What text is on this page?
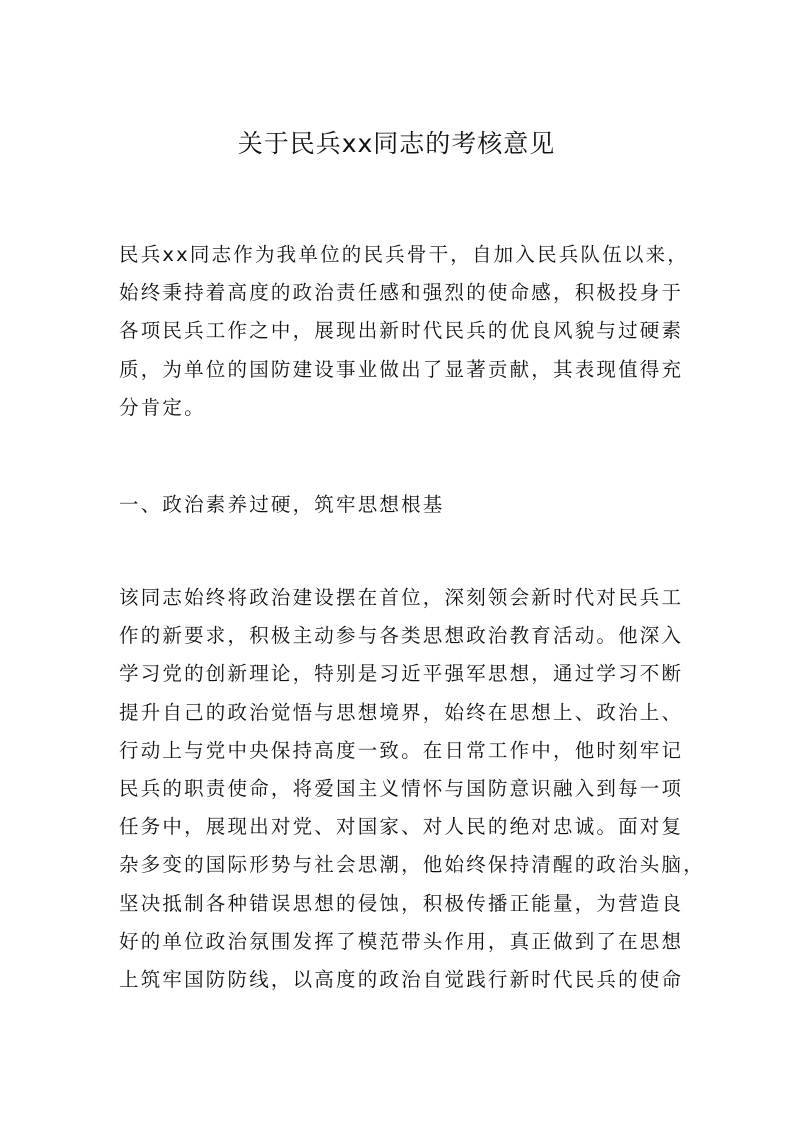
关于民兵xx同志的考核意见
民兵xx同志作为我单位的民兵骨干，自加入民兵队伍以来，
始终秉持着高度的政治责任感和强烈的使命感，积极投身于
各项民兵工作之中，展现出新时代民兵的优良风貌与过硬素
质，为单位的国防建设事业做出了显著贡献，其表现值得充
分肯定。
一、政治素养过硬，筑牢思想根基
该同志始终将政治建设摆在首位，深刻领会新时代对民兵工
作的新要求，积极主动参与各类思想政治教育活动。他深入
学习党的创新理论，特别是习近平强军思想，通过学习不断
提升自己的政治觉悟与思想境界，始终在思想上、政治上、
行动上与党中央保持高度一致。在日常工作中，他时刻牢记
民兵的职责使命，将爱国主义情怀与国防意识融入到每一项
任务中，展现出对党、对国家、对人民的绝对忠诚。面对复
杂多变的国际形势与社会思潮，他始终保持清醒的政治头脑，
坚决抵制各种错误思想的侵蚀，积极传播正能量，为营造良
好的单位政治氛围发挥了模范带头作用，真正做到了在思想
上筑牢国防防线，以高度的政治自觉践行新时代民兵的使命
